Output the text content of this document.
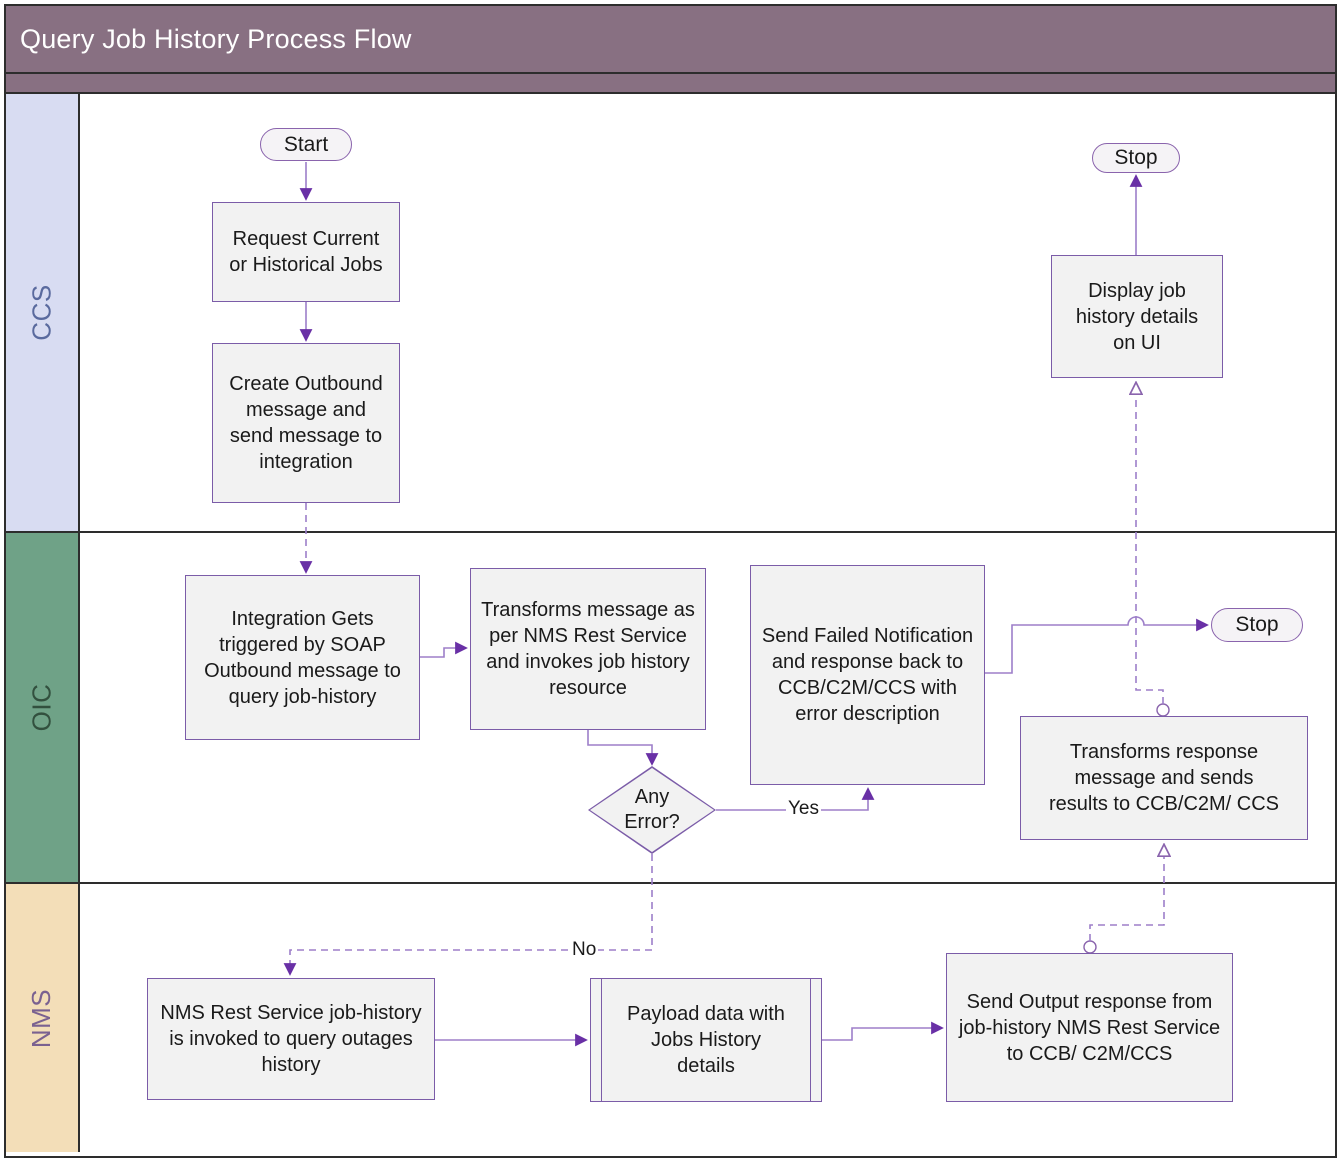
Query Job History Process Flow
CCS
OIC
NMS
Start
Request Current or Historical Jobs
Create Outbound message and send message to integration
Integration Gets triggered by SOAP Outbound message to query job-history
Transforms message as per NMS Rest Service and invokes job history resource
Any Error?
Send Failed Notification and response back to CCB/C2M/CCS with error description
Stop
Transforms response message and sends results to CCB/C2M/ CCS
Display job history details on UI
Stop
NMS Rest Service job-history is invoked to query outages history
Payload data with Jobs History details
Send Output response from job-history NMS Rest Service to CCB/ C2M/CCS
Yes
No
